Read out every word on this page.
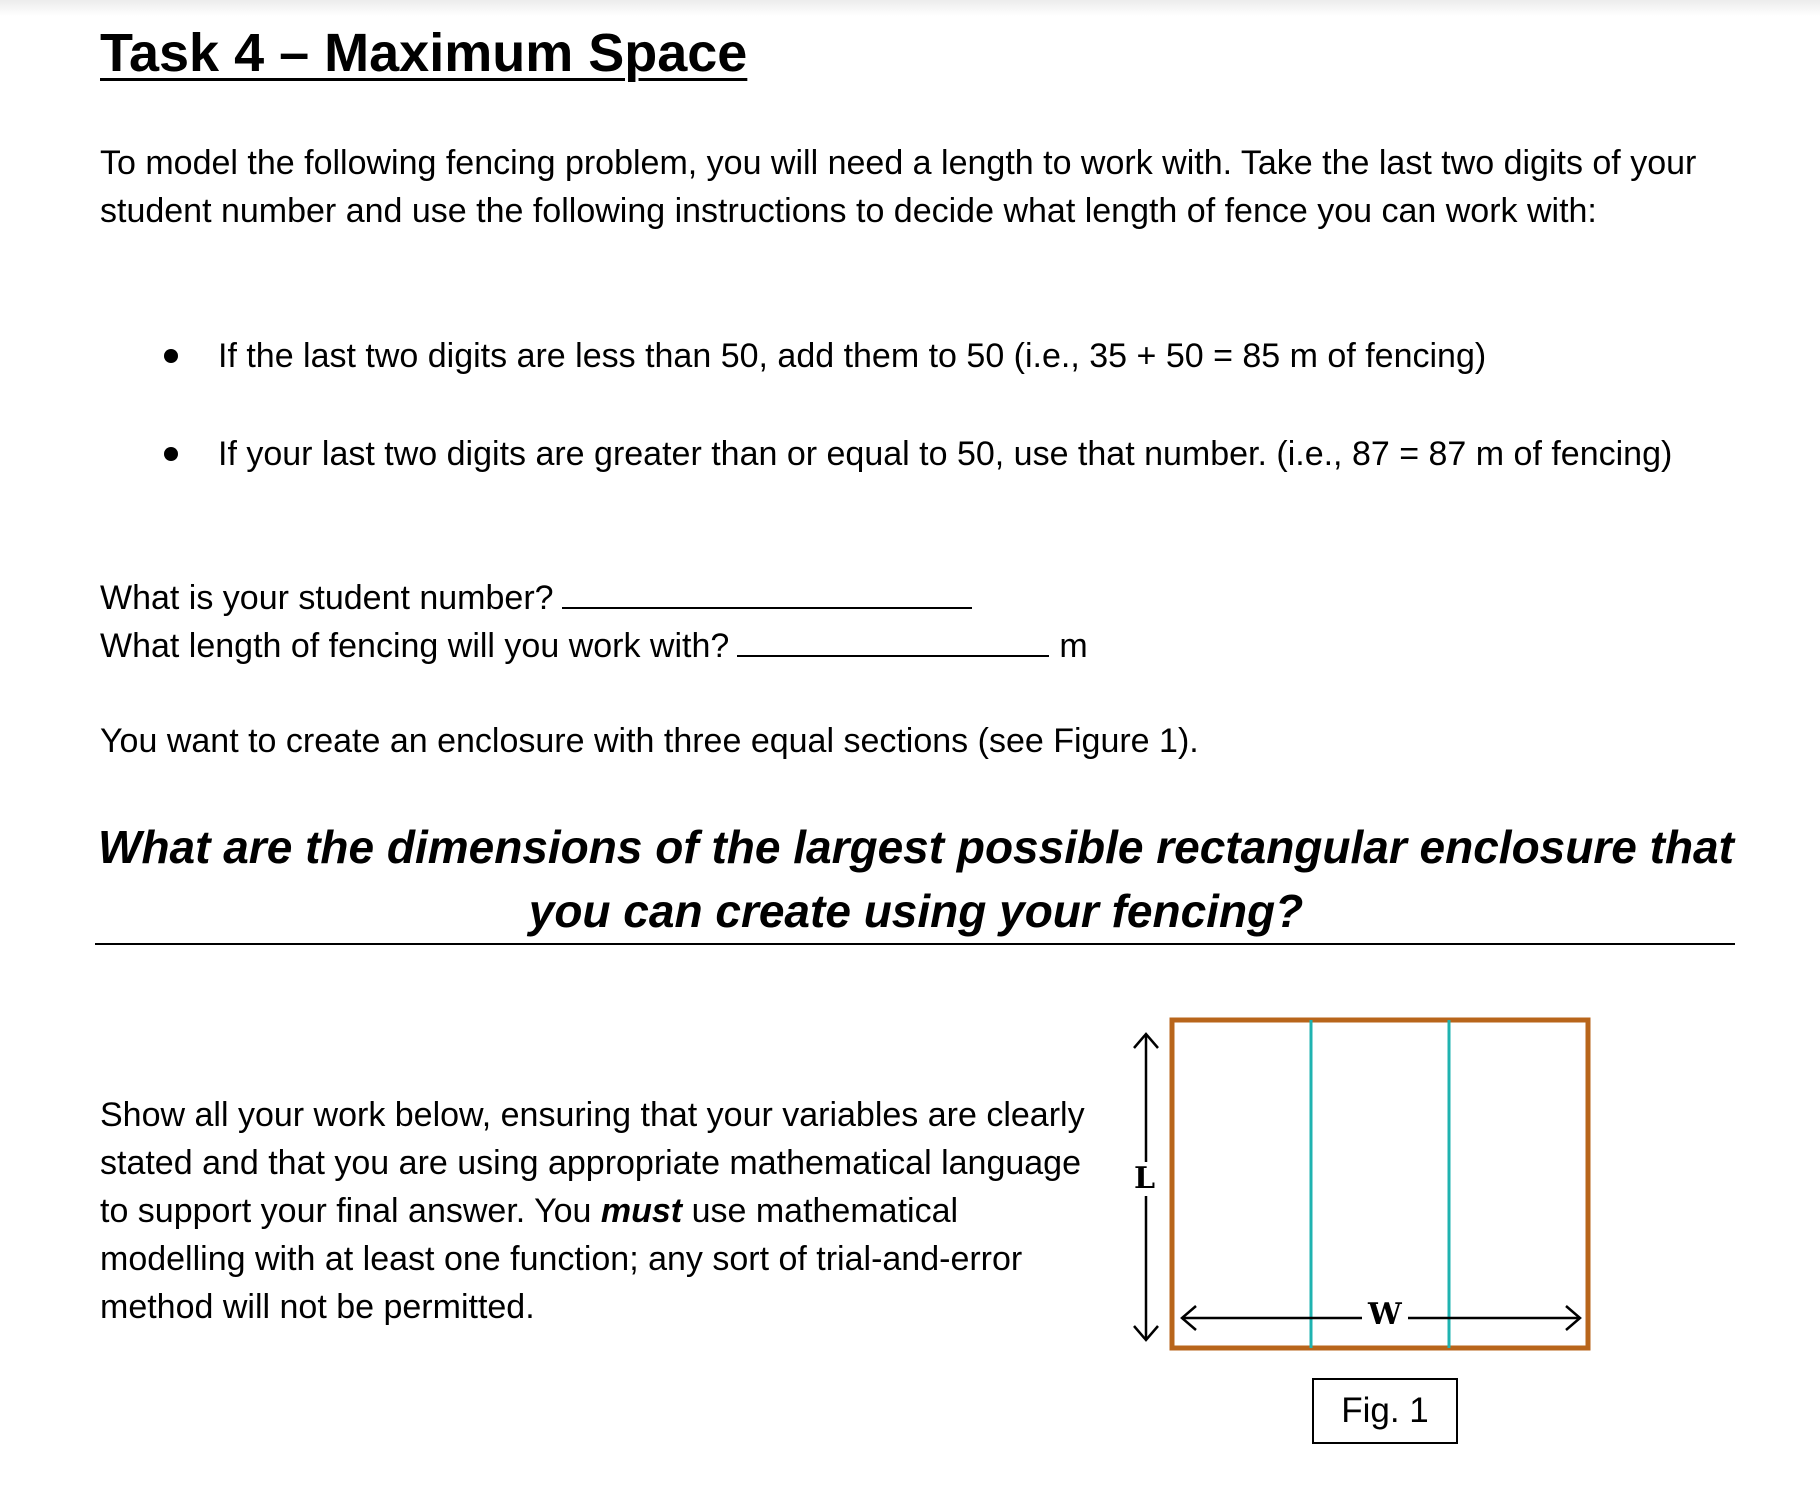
Task 4 – Maximum Space

To model the following fencing problem, you will need a length to work with. Take the last two digits of your student number and use the following instructions to decide what length of fence you can work with:

If the last two digits are less than 50, add them to 50 (i.e., 35 + 50 = 85 m of fencing)

If your last two digits are greater than or equal to 50, use that number. (i.e., 87 = 87 m of fencing)

What is your student number?
What length of fencing will you work with?	m

You want to create an enclosure with three equal sections (see Figure 1).

What are the dimensions of the largest possible rectangular enclosure that you can create using your fencing?

Show all your work below, ensuring that your variables are clearly stated and that you are using appropriate mathematical language to support your final answer. You must use mathematical modelling with at least one function; any sort of trial-and-error method will not be permitted.

L
W
Fig. 1
